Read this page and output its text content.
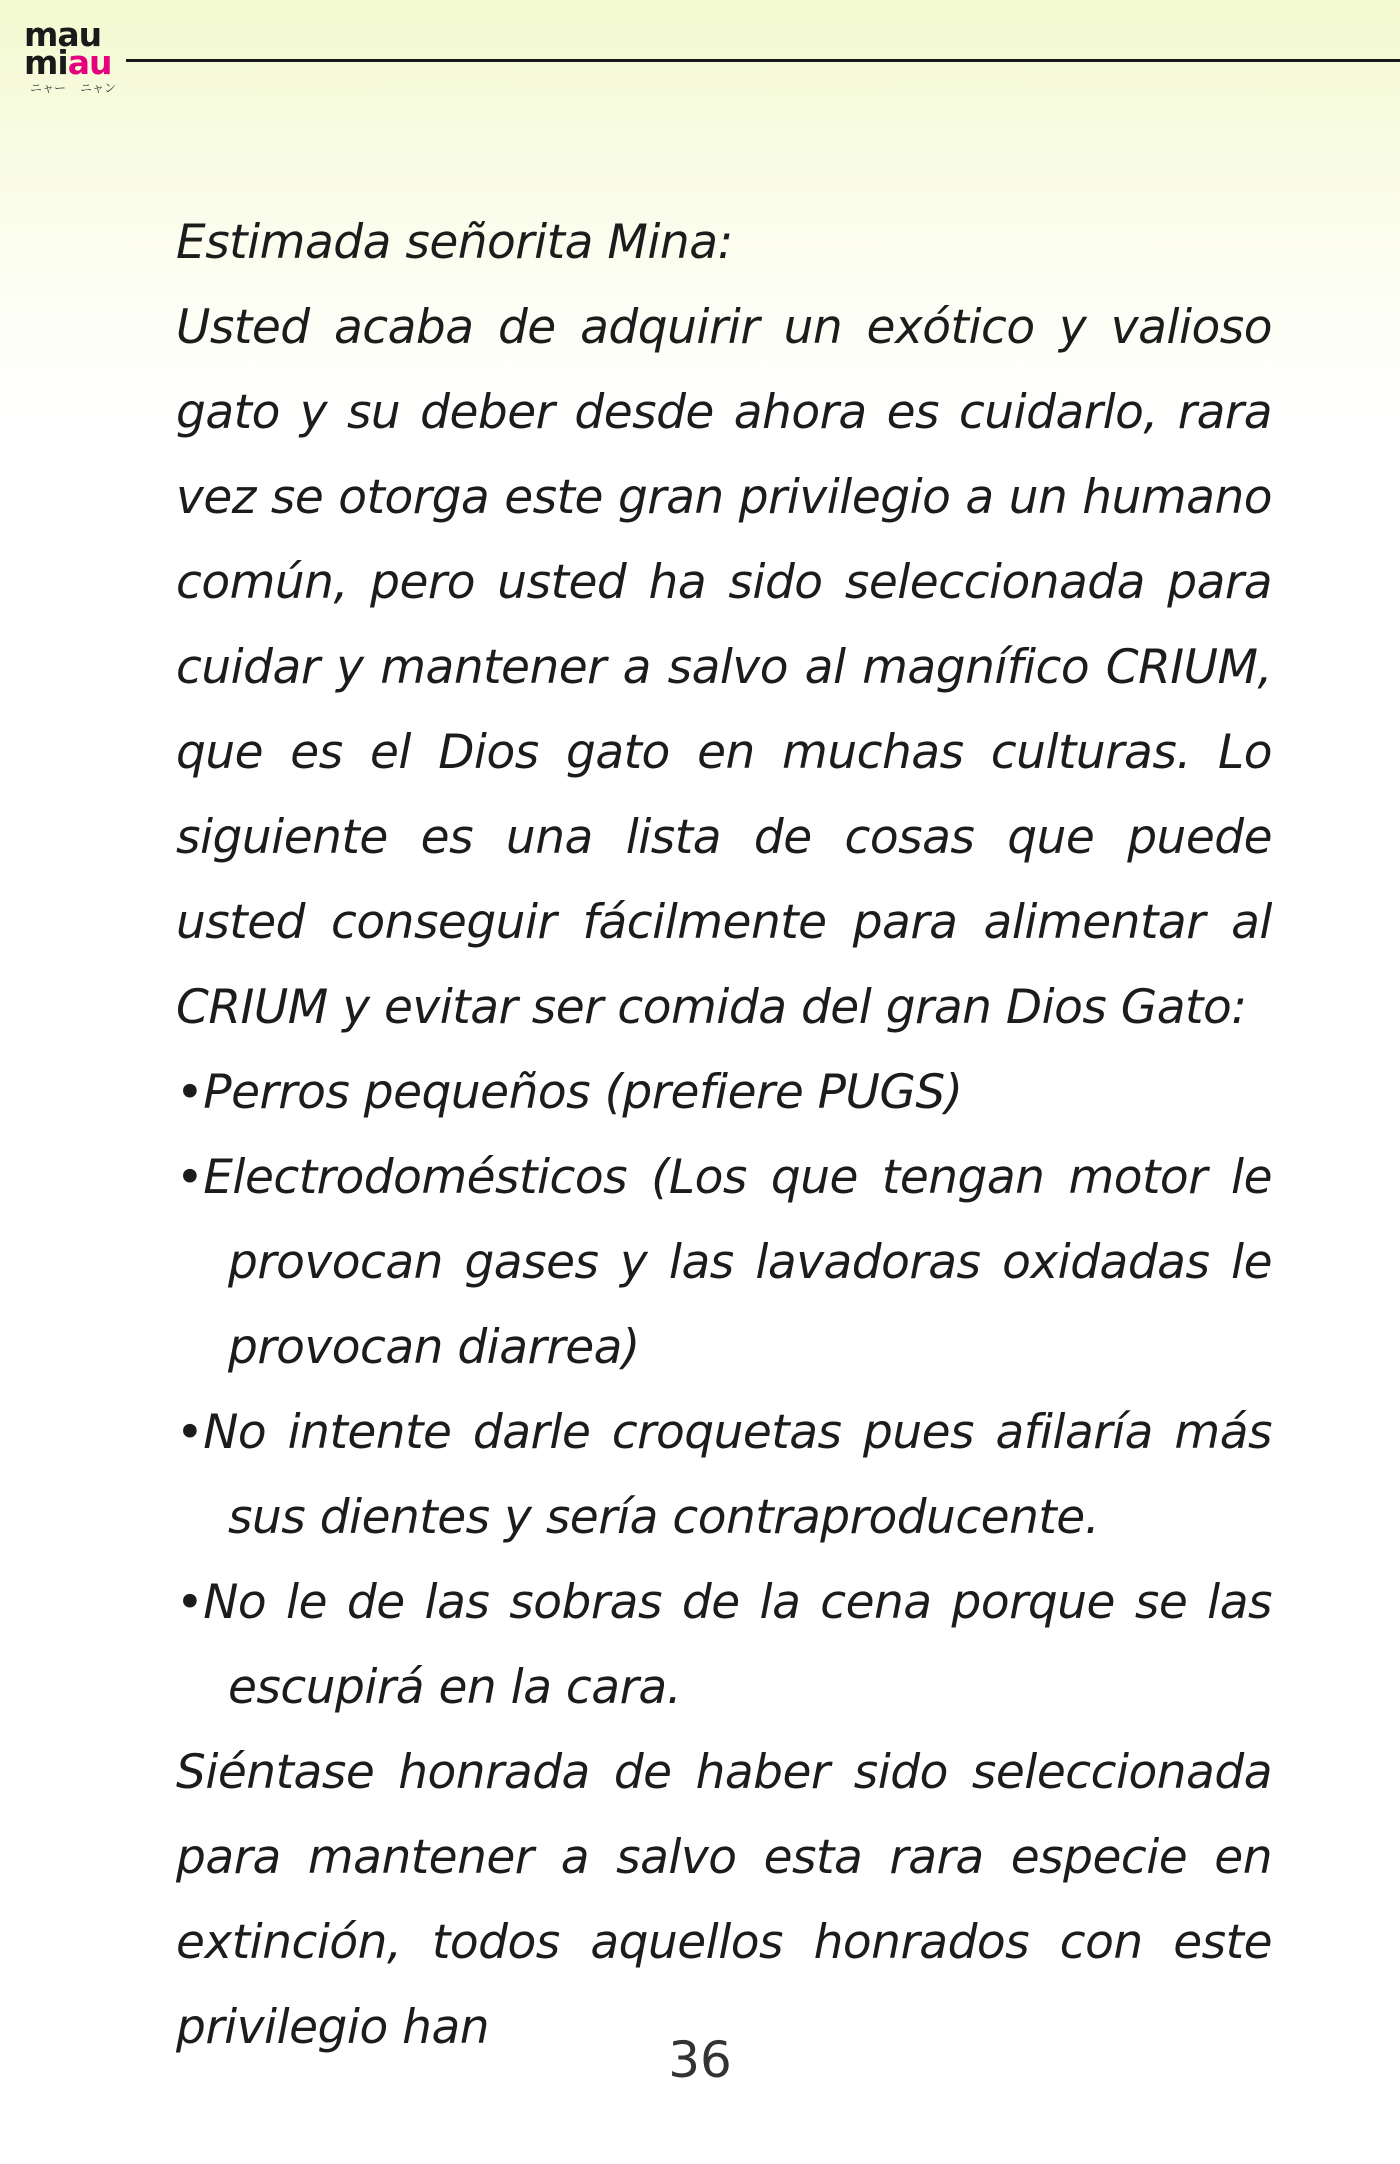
mau
miau
ニャー ニャン

Estimada señorita Mina:

Usted acaba de adquirir un exótico y valioso gato y su deber desde ahora es cuidarlo, rara vez se otorga este gran privilegio a un humano común, pero usted ha sido seleccionada para cuidar y mantener a salvo al magnífico CRIUM, que es el Dios gato en muchas culturas. Lo siguiente es una lista de cosas que puede usted conseguir fácilmente para alimentar al CRIUM y evitar ser comida del gran Dios Gato:

•Perros pequeños (prefiere PUGS)

•Electrodomésticos (Los que tengan motor le provocan gases y las lavadoras oxidadas le provocan diarrea)

•No intente darle croquetas pues afilaría más sus dientes y sería contraproducente.

•No le de las sobras de la cena porque se las escupirá en la cara.

Siéntase honrada de haber sido seleccionada para mantener a salvo esta rara especie en extinción, todos aquellos honrados con este privilegio han

36
